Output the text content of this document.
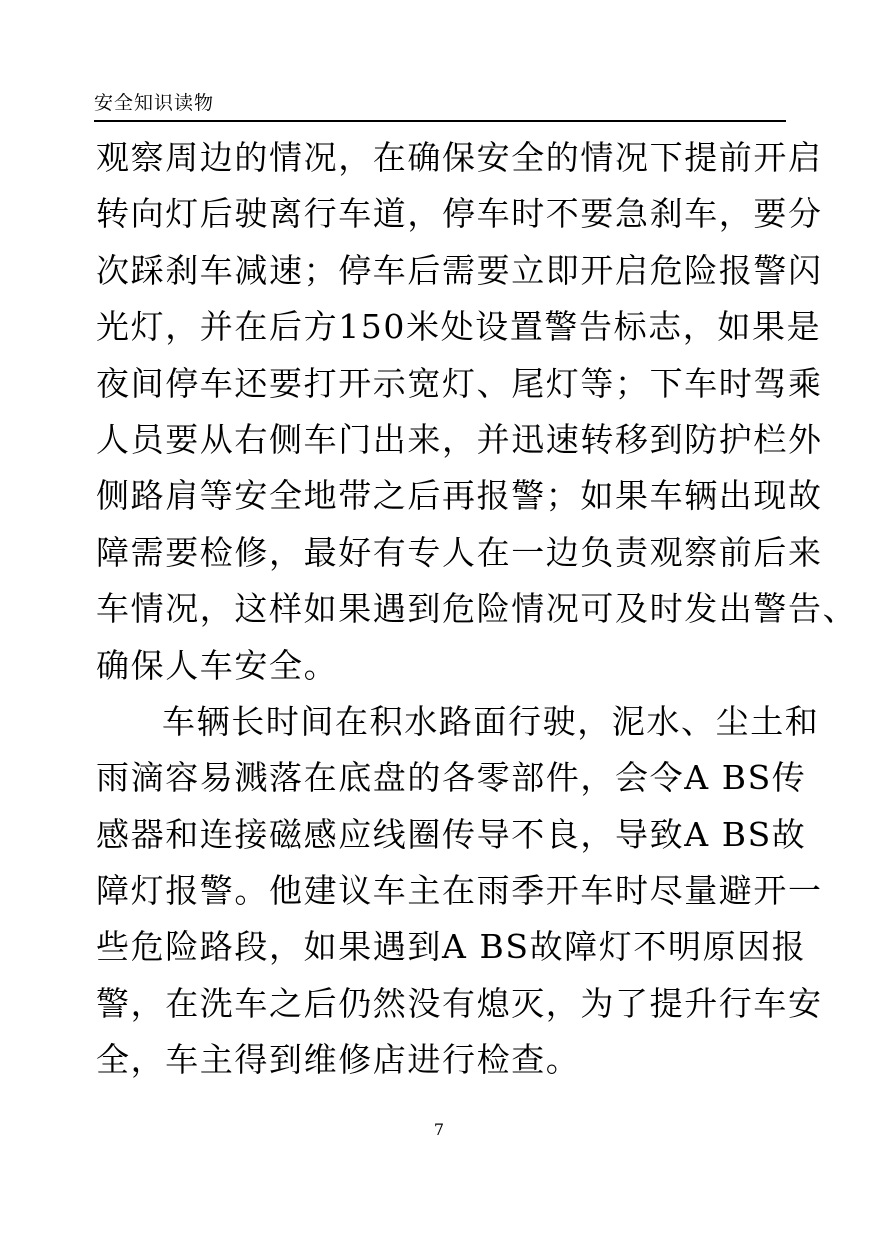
安全知识读物
观察周边的情况，在确保安全的情况下提前开启
转向灯后驶离行车道，停车时不要急刹车，要分
次踩刹车减速；停车后需要立即开启危险报警闪
光灯，并在后方150米处设置警告标志，如果是
夜间停车还要打开示宽灯、尾灯等；下车时驾乘
人员要从右侧车门出来，并迅速转移到防护栏外
侧路肩等安全地带之后再报警；如果车辆出现故
障需要检修，最好有专人在一边负责观察前后来
车情况，这样如果遇到危险情况可及时发出警告、
确保人车安全。
车辆长时间在积水路面行驶，泥水、尘土和
雨滴容易溅落在底盘的各零部件，会令A BS传
感器和连接磁感应线圈传导不良，导致A BS故
障灯报警。他建议车主在雨季开车时尽量避开一
些危险路段，如果遇到A BS故障灯不明原因报
警，在洗车之后仍然没有熄灭，为了提升行车安
全，车主得到维修店进行检查。
7
